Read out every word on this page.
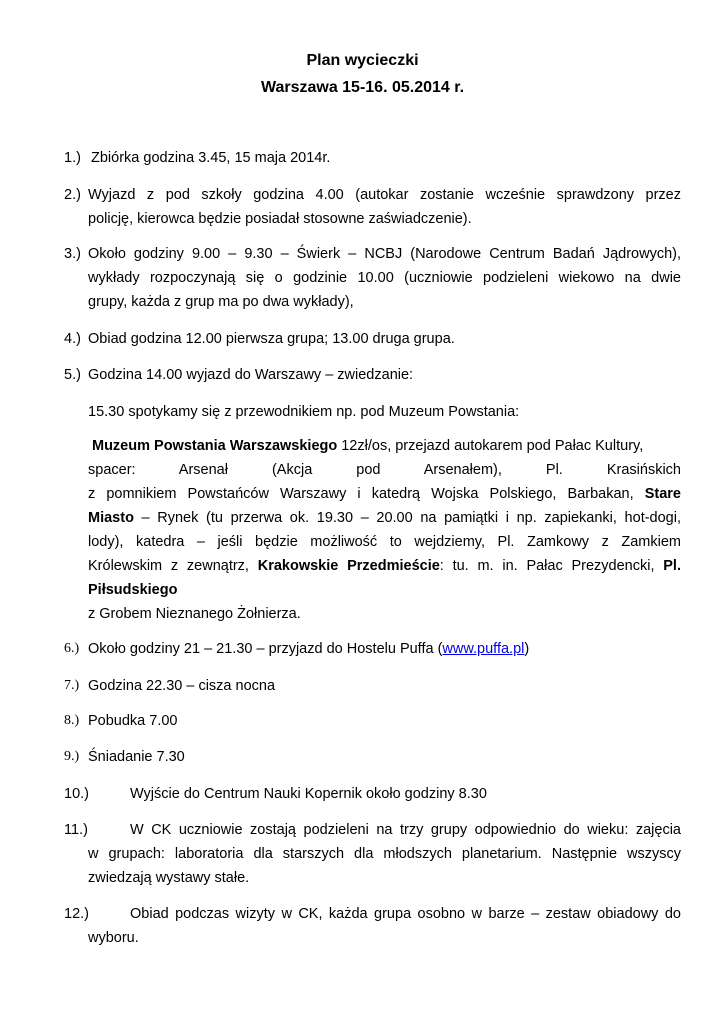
Plan wycieczki
Warszawa 15-16. 05.2014 r.
1.) Zbiórka godzina 3.45, 15 maja 2014r.
2.) Wyjazd z pod szkoły godzina 4.00 (autokar zostanie wcześnie sprawdzony przez
policję, kierowca będzie posiadał stosowne zaświadczenie).
3.) Około godziny 9.00 – 9.30 – Świerk – NCBJ (Narodowe Centrum Badań Jądrowych),
wykłady rozpoczynają się o godzinie 10.00 (uczniowie podzieleni wiekowo na dwie
grupy, każda z grup ma po dwa wykłady),
4.) Obiad godzina 12.00 pierwsza grupa; 13.00 druga grupa.
5.) Godzina 14.00 wyjazd do Warszawy – zwiedzanie:
15.30 spotykamy się z przewodnikiem np. pod Muzeum Powstania:
Muzeum Powstania Warszawskiego 12zł/os, przejazd autokarem pod Pałac Kultury,
spacer: Arsenał (Akcja pod Arsenałem), Pl. Krasińskich
z pomnikiem Powstańców Warszawy i katedrą Wojska Polskiego, Barbakan, Stare
Miasto – Rynek (tu przerwa ok. 19.30 – 20.00 na pamiątki i np. zapiekanki, hot-dogi,
lody), katedra – jeśli będzie możliwość to wejdziemy, Pl. Zamkowy z Zamkiem
Królewskim z zewnątrz, Krakowskie Przedmieście: tu. m. in. Pałac Prezydencki, Pl.
Piłsudskiego
z Grobem Nieznanego Żołnierza.
6.) Około godziny 21 – 21.30 – przyjazd do Hostelu Puffa (www.puffa.pl)
7.) Godzina 22.30 – cisza nocna
8.) Pobudka 7.00
9.) Śniadanie 7.30
10.)	Wyjście do Centrum Nauki Kopernik około godziny 8.30
11.)	W CK uczniowie zostają podzieleni na trzy grupy odpowiednio do wieku: zajęcia
w grupach: laboratoria dla starszych dla młodszych planetarium. Następnie wszyscy
zwiedzają wystawy stałe.
12.)	Obiad podczas wizyty w CK, każda grupa osobno w barze – zestaw obiadowy do
wyboru.
